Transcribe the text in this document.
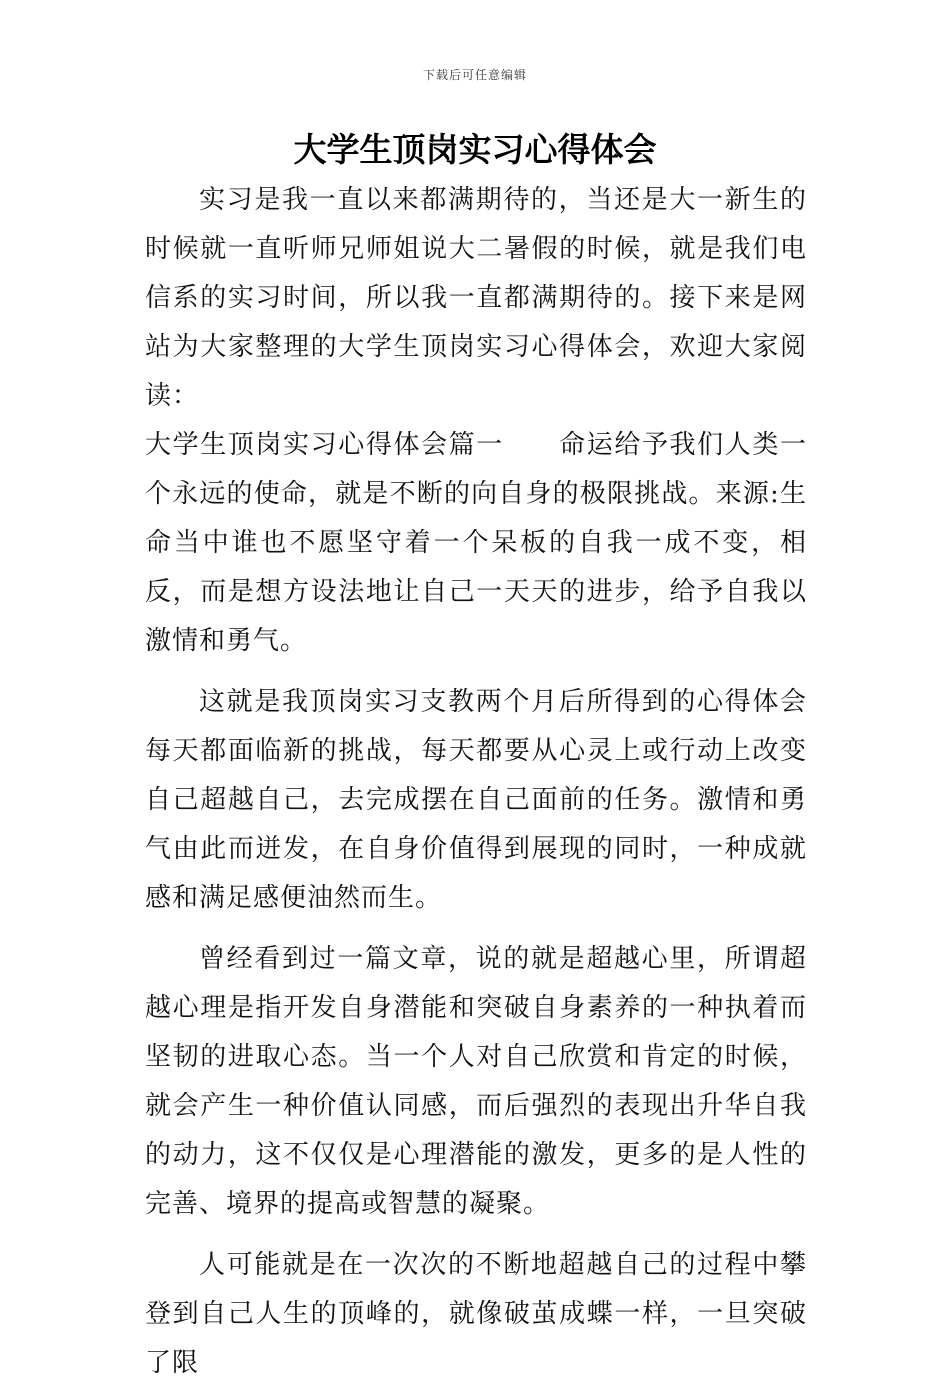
下载后可任意编辑
大学生顶岗实习心得体会

实习是我一直以来都满期待的，当还是大一新生的时候就一直听师兄师姐说大二暑假的时候，就是我们电信系的实习时间，所以我一直都满期待的。接下来是网站为大家整理的大学生顶岗实习心得体会，欢迎大家阅读：

大学生顶岗实习心得体会篇一　　命运给予我们人类一个永远的使命，就是不断的向自身的极限挑战。来源:生命当中谁也不愿坚守着一个呆板的自我一成不变，相反，而是想方设法地让自己一天天的进步，给予自我以激情和勇气。

这就是我顶岗实习支教两个月后所得到的心得体会每天都面临新的挑战，每天都要从心灵上或行动上改变自己超越自己，去完成摆在自己面前的任务。激情和勇气由此而迸发，在自身价值得到展现的同时，一种成就感和满足感便油然而生。

曾经看到过一篇文章，说的就是超越心里，所谓超越心理是指开发自身潜能和突破自身素养的一种执着而坚韧的进取心态。当一个人对自己欣赏和肯定的时候，就会产生一种价值认同感，而后强烈的表现出升华自我的动力，这不仅仅是心理潜能的激发，更多的是人性的完善、境界的提高或智慧的凝聚。

人可能就是在一次次的不断地超越自己的过程中攀登到自己人生的顶峰的，就像破茧成蝶一样，一旦突破了限
